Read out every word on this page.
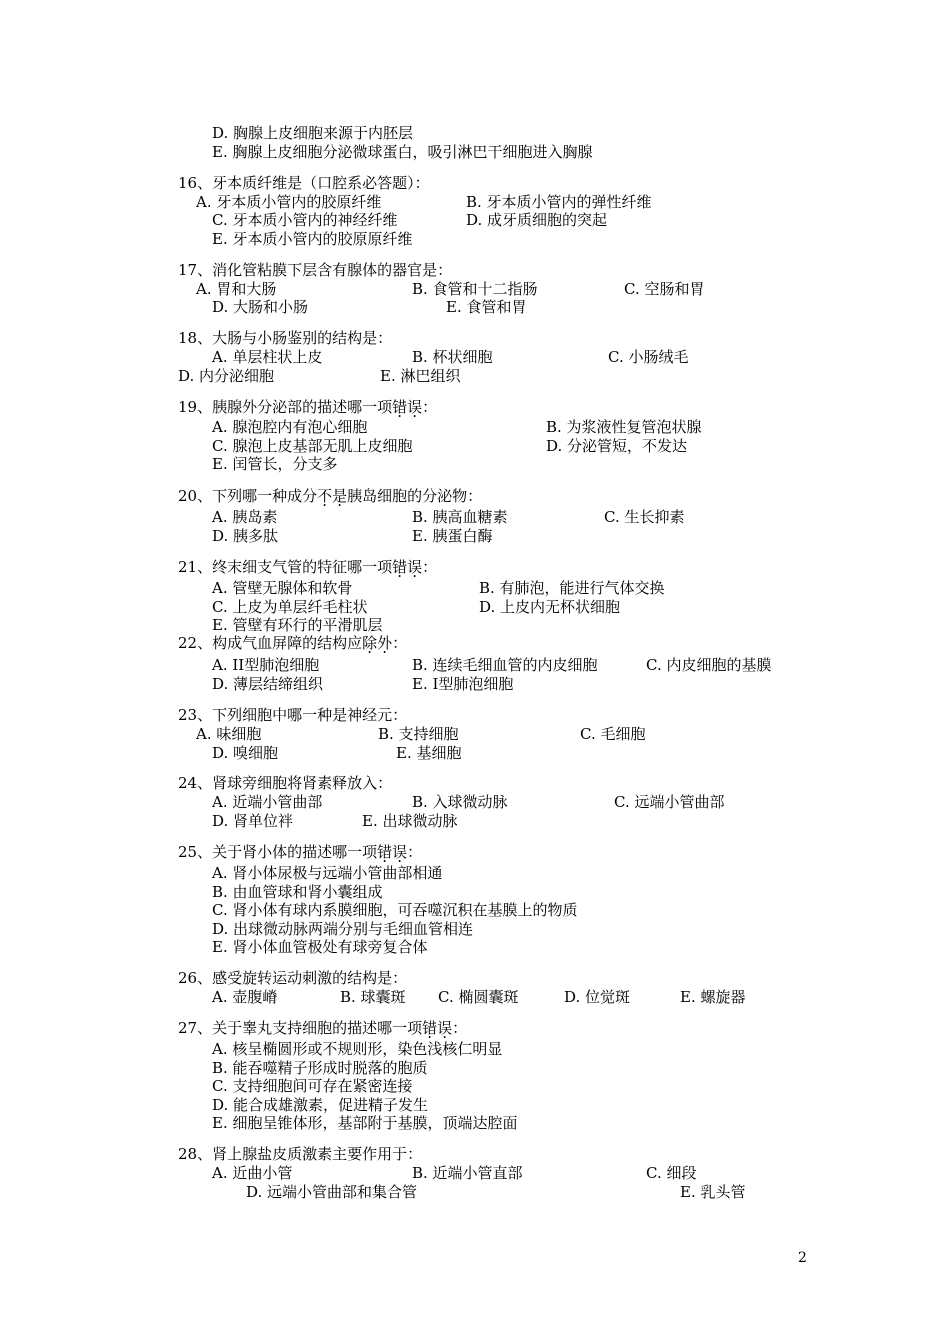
D. 胸腺上皮细胞来源于内胚层
E. 胸腺上皮细胞分泌微球蛋白，吸引淋巴干细胞进入胸腺
16、牙本质纤维是（口腔系必答题）：
A. 牙本质小管内的胶原纤维	B. 牙本质小管内的弹性纤维
C. 牙本质小管内的神经纤维	D. 成牙质细胞的突起
E. 牙本质小管内的胶原原纤维
17、消化管粘膜下层含有腺体的器官是：
A. 胃和大肠	B. 食管和十二指肠	C. 空肠和胃
D. 大肠和小肠	E. 食管和胃
18、大肠与小肠鉴别的结构是：
A. 单层柱状上皮	B. 杯状细胞	C. 小肠绒毛
D. 内分泌细胞	E. 淋巴组织
19、胰腺外分泌部的描述哪一项错误：
A. 腺泡腔内有泡心细胞	B. 为浆液性复管泡状腺
C. 腺泡上皮基部无肌上皮细胞	D. 分泌管短，不发达
E. 闰管长，分支多
20、下列哪一种成分不是胰岛细胞的分泌物：
A. 胰岛素	B. 胰高血糖素	C. 生长抑素
D. 胰多肽	E. 胰蛋白酶
21、终末细支气管的特征哪一项错误：
A. 管壁无腺体和软骨	B. 有肺泡，能进行气体交换
C. 上皮为单层纤毛柱状	D. 上皮内无杯状细胞
E. 管壁有环行的平滑肌层
22、构成气血屏障的结构应除外：
A. II型肺泡细胞	B. 连续毛细血管的内皮细胞	C. 内皮细胞的基膜
D. 薄层结缔组织	E. I型肺泡细胞
23、下列细胞中哪一种是神经元：
A. 味细胞	B. 支持细胞	C. 毛细胞
D. 嗅细胞	E. 基细胞
24、肾球旁细胞将肾素释放入：
A. 近端小管曲部	B. 入球微动脉	C. 远端小管曲部
D. 肾单位袢	E. 出球微动脉
25、关于肾小体的描述哪一项错误：
A. 肾小体尿极与远端小管曲部相通
B. 由血管球和肾小囊组成
C. 肾小体有球内系膜细胞，可吞噬沉积在基膜上的物质
D. 出球微动脉两端分别与毛细血管相连
E. 肾小体血管极处有球旁复合体
26、感受旋转运动刺激的结构是：
A. 壶腹嵴	B. 球囊斑 C. 椭圆囊斑	D. 位觉斑	E. 螺旋器
27、关于睾丸支持细胞的描述哪一项错误：
A. 核呈椭圆形或不规则形，染色浅核仁明显
B. 能吞噬精子形成时脱落的胞质
C. 支持细胞间可存在紧密连接
D. 能合成雄激素，促进精子发生
E. 细胞呈锥体形，基部附于基膜，顶端达腔面
28、肾上腺盐皮质激素主要作用于：
A. 近曲小管	B. 近端小管直部	C. 细段
D. 远端小管曲部和集合管	E. 乳头管
2
